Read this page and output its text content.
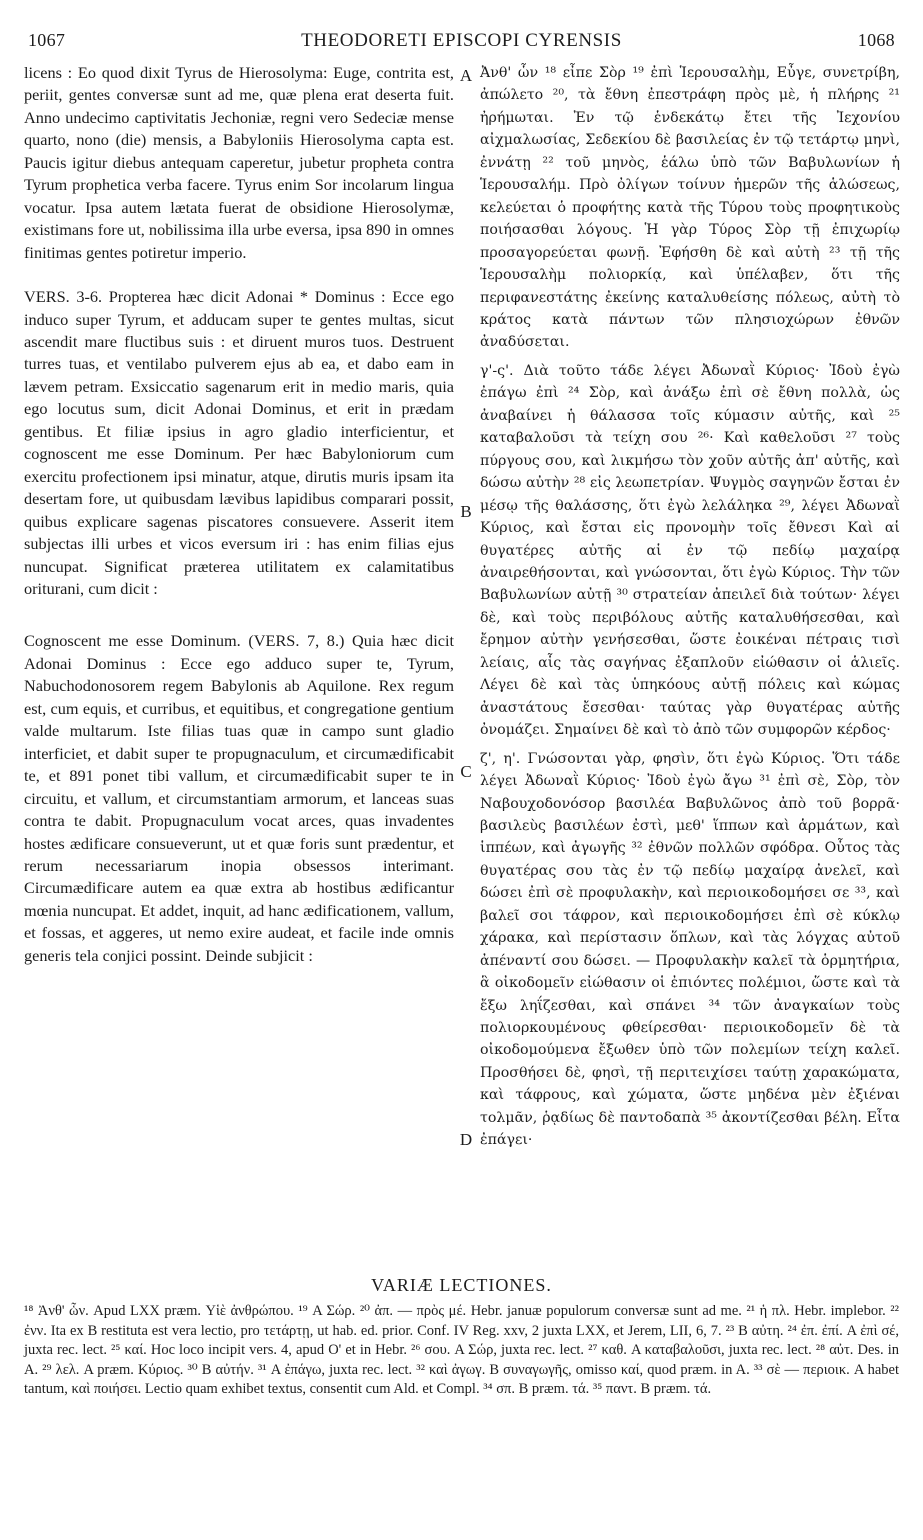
1067	THEODORETI EPISCOPI CYRENSIS	1068

licens : Eo quod dixit Tyrus de Hierosolyma: Euge, contrita est, periit, gentes conversæ sunt ad me, quæ plena erat deserta fuit. Anno undecimo captivitatis Jechoniæ, regni vero Sedeciæ mense quarto, nono (die) mensis, a Babyloniis Hierosolyma capta est. Paucis igitur diebus antequam caperetur, jubetur propheta contra Tyrum prophetica verba facere. Tyrus enim Sor incolarum lingua vocatur. Ipsa autem lætata fuerat de obsidione Hierosolymæ, existimans fore ut, nobilissima illa urbe eversa, ipsa 890 in omnes finitimas gentes potiretur imperio.

VERS. 3-6. Propterea hæc dicit Adonai * Dominus : Ecce ego induco super Tyrum, et adducam super te gentes multas, sicut ascendit mare fluctibus suis : et diruent muros tuos. Destruent turres tuas, et ventilabo pulverem ejus ab ea, et dabo eam in lævem petram. Exsiccatio sagenarum erit in medio maris, quia ego locutus sum, dicit Adonai Dominus, et erit in prædam gentibus. Et filiæ ipsius in agro gladio interficientur, et cognoscent me esse Dominum. Per hæc Babyloniorum cum exercitu profectionem ipsi minatur, atque, dirutis muris ipsam ita desertam fore, ut quibusdam lævibus lapidibus comparari possit, quibus explicare sagenas piscatores consuevere. Asserit item subjectas illi urbes et vicos eversum iri : has enim filias ejus nuncupat. Significat præterea utilitatem ex calamitatibus oriturani, cum dicit :

Cognoscent me esse Dominum. (VERS. 7, 8.) Quia hæc dicit Adonai Dominus : Ecce ego adduco super te, Tyrum, Nabuchodonosorem regem Babylonis ab Aquilone. Rex regum est, cum equis, et curribus, et equitibus, et congregatione gentium valde multarum. Iste filias tuas quæ in campo sunt gladio interficiet, et dabit super te propugnaculum, et circumædificabit te, et 891 ponet tibi vallum, et circumædificabit super te in circuitu, et vallum, et circumstantiam armorum, et lanceas suas contra te dabit. Propugnaculum vocat arces, quas invadentes hostes ædificare consueverunt, ut et quæ foris sunt prædentur, et rerum necessariarum inopia obsessos interimant. Circumædificare autem ea quæ extra ab hostibus ædificantur mœnia nuncupat. Et addet, inquit, ad hanc ædificationem, vallum, et fossas, et aggeres, ut nemo exire audeat, et facile inde omnis generis tela conjici possint. Deinde subjicit :

A
B
C
D

Ἀνθ' ὧν ¹⁸ εἶπε Σὸρ ¹⁹ ἐπὶ Ἱερουσαλὴμ, Εὖγε, συνετρίβη, ἀπώλετο ²⁰, τὰ ἔθνη ἐπεστράφη πρὸς μὲ, ἡ πλήρης ²¹ ἠρήμωται. Ἐν τῷ ἑνδεκάτῳ ἔτει τῆς Ἰεχονίου αἰχμαλωσίας, Σεδεκίου δὲ βασιλείας ἐν τῷ τετάρτῳ μηνὶ, ἐννάτῃ ²² τοῦ μηνὸς, ἑάλω ὑπὸ τῶν Βαβυλωνίων ἡ Ἱερουσαλήμ. Πρὸ ὀλίγων τοίνυν ἡμερῶν τῆς ἁλώσεως, κελεύεται ὁ προφήτης κατὰ τῆς Τύρου τοὺς προφητικοὺς ποιήσασθαι λόγους. Ἡ γὰρ Τύρος Σὸρ τῇ ἐπιχωρίῳ προσαγορεύεται φωνῇ. Ἐφήσθη δὲ καὶ αὐτὴ ²³ τῇ τῆς Ἱερουσαλὴμ πολιορκίᾳ, καὶ ὑπέλαβεν, ὅτι τῆς περιφανεστάτης ἐκείνης καταλυθείσης πόλεως, αὐτὴ τὸ κράτος κατὰ πάντων τῶν πλησιοχώρων ἐθνῶν ἀναδύσεται.

γ'-ς'. Διὰ τοῦτο τάδε λέγει Ἀδωναῒ Κύριος· Ἰδοὺ ἐγὼ ἐπάγω ἐπὶ ²⁴ Σὸρ, καὶ ἀνάξω ἐπὶ σὲ ἔθνη πολλὰ, ὡς ἀναβαίνει ἡ θάλασσα τοῖς κύμασιν αὐτῆς, καὶ ²⁵ καταβαλοῦσι τὰ τείχη σου ²⁶· Καὶ καθελοῦσι ²⁷ τοὺς πύργους σου, καὶ λικμήσω τὸν χοῦν αὐτῆς ἀπ' αὐτῆς, καὶ δώσω αὐτὴν ²⁸ εἰς λεωπετρίαν. Ψυγμὸς σαγηνῶν ἔσται ἐν μέσῳ τῆς θαλάσσης, ὅτι ἐγὼ λελάληκα ²⁹, λέγει Ἀδωναῒ Κύριος, καὶ ἔσται εἰς προνομὴν τοῖς ἔθνεσι Καὶ αἱ θυγατέρες αὐτῆς αἱ ἐν τῷ πεδίῳ μαχαίρᾳ ἀναιρεθήσονται, καὶ γνώσονται, ὅτι ἐγὼ Κύριος. Τὴν τῶν Βαβυλωνίων αὐτῇ ³⁰ στρατείαν ἀπειλεῖ διὰ τούτων· λέγει δὲ, καὶ τοὺς περιβόλους αὐτῆς καταλυθήσεσθαι, καὶ ἔρημον αὐτὴν γενήσεσθαι, ὥστε ἐοικέναι πέτραις τισὶ λείαις, αἷς τὰς σαγήνας ἐξαπλοῦν εἰώθασιν οἱ ἁλιεῖς. Λέγει δὲ καὶ τὰς ὑπηκόους αὐτῇ πόλεις καὶ κώμας ἀναστάτους ἔσεσθαι· ταύτας γὰρ θυγατέρας αὐτῆς ὀνομάζει. Σημαίνει δὲ καὶ τὸ ἀπὸ τῶν συμφορῶν κέρδος·

ζ', η'. Γνώσονται γὰρ, φησὶν, ὅτι ἐγὼ Κύριος. Ὅτι τάδε λέγει Ἀδωναῒ Κύριος· Ἰδοὺ ἐγὼ ἄγω ³¹ ἐπὶ σὲ, Σὸρ, τὸν Ναβουχοδονόσορ βασιλέα Βαβυλῶνος ἀπὸ τοῦ βορρᾶ· βασιλεὺς βασιλέων ἐστὶ, μεθ' ἵππων καὶ ἁρμάτων, καὶ ἱππέων, καὶ ἀγωγῆς ³² ἐθνῶν πολλῶν σφόδρα. Οὗτος τὰς θυγατέρας σου τὰς ἐν τῷ πεδίῳ μαχαίρᾳ ἀνελεῖ, καὶ δώσει ἐπὶ σὲ προφυλακὴν, καὶ περιοικοδομήσει σε ³³, καὶ βαλεῖ σοι τάφρον, καὶ περιοικοδομήσει ἐπὶ σὲ κύκλῳ χάρακα, καὶ περίστασιν ὅπλων, καὶ τὰς λόγχας αὐτοῦ ἀπέναντί σου δώσει. — Προφυλακὴν καλεῖ τὰ ὁρμητήρια, ἃ οἰκοδομεῖν εἰώθασιν οἱ ἐπιόντες πολέμιοι, ὥστε καὶ τὰ ἔξω ληΐζεσθαι, καὶ σπάνει ³⁴ τῶν ἀναγκαίων τοὺς πολιορκουμένους φθείρεσθαι· περιοικοδομεῖν δὲ τὰ οἰκοδομούμενα ἔξωθεν ὑπὸ τῶν πολεμίων τείχη καλεῖ. Προσθήσει δὲ, φησὶ, τῇ περιτειχίσει ταύτῃ χαρακώματα, καὶ τάφρους, καὶ χώματα, ὥστε μηδένα μὲν ἐξιέναι τολμᾶν, ῥᾳδίως δὲ παντοδαπὰ ³⁵ ἀκοντίζεσθαι βέλη. Εἶτα ἐπάγει·

VARIÆ LECTIONES.

¹⁸ Ἀνθ' ὧν. Apud LXX præm. Υἱὲ ἀνθρώπου. ¹⁹ A Σώρ. ²⁰ ἀπ. — πρὸς μέ. Hebr. januæ populorum conversæ sunt ad me. ²¹ ἡ πλ. Hebr. implebor. ²² ἐνν. Ita ex B restituta est vera lectio, pro τετάρτῃ, ut hab. ed. prior. Conf. IV Reg. xxv, 2 juxta LXX, et Jerem, LII, 6, 7. ²³ B αὐτη. ²⁴ ἐπ. ἐπί. A ἐπὶ σέ, juxta rec. lect. ²⁵ καί. Hoc loco incipit vers. 4, apud O' et in Hebr. ²⁶ σου. A Σώρ, juxta rec. lect. ²⁷ καθ. A καταβαλοῦσι, juxta rec. lect. ²⁸ αὐτ. Des. in A. ²⁹ λελ. A præm. Κύριος. ³⁰ B αὐτήν. ³¹ A ἐπάγω, juxta rec. lect. ³² καὶ ἀγωγ. B συναγωγῆς, omisso καί, quod præm. in A. ³³ σὲ — περιοικ. A habet tantum, καὶ ποιήσει. Lectio quam exhibet textus, consentit cum Ald. et Compl. ³⁴ σπ. B præm. τά. ³⁵ παντ. B præm. τά.
